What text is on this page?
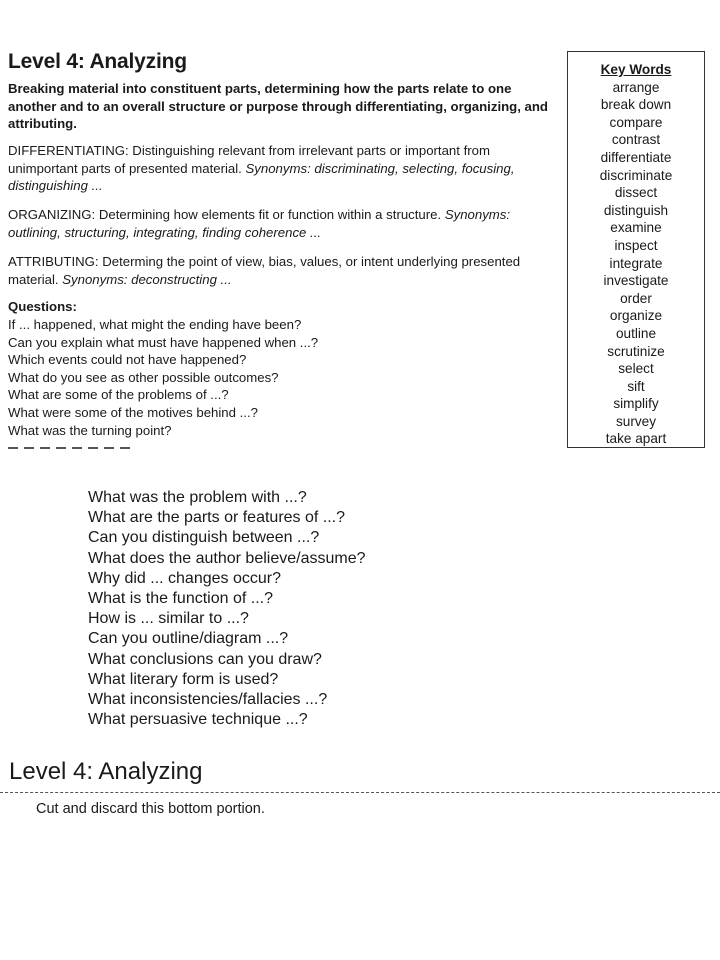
Level 4: Analyzing

Breaking material into constituent parts, determining how the parts relate to one another and to an overall structure or purpose through differentiating, organizing, and attributing.

DIFFERENTIATING: Distinguishing relevant from irrelevant parts or important from unimportant parts of presented material. Synonyms: discriminating, selecting, focusing, distinguishing ...

ORGANIZING: Determining how elements fit or function within a structure. Synonyms: outlining, structuring, integrating, finding coherence ...

ATTRIBUTING: Determing the point of view, bias, values, or intent underlying presented material. Synonyms: deconstructing ...

Questions:

If ... happened, what might the ending have been?
Can you explain what must have happened when ...?
Which events could not have happened?
What do you see as other possible outcomes?
What are some of the problems of ...?
What were some of the motives behind ...?
What was the turning point?
Key Words
arrange
break down
compare
contrast
differentiate
discriminate
dissect
distinguish
examine
inspect
integrate
investigate
order
organize
outline
scrutinize
select
sift
simplify
survey
take apart
What was the problem with ...?
What are the parts or features of ...?
Can you distinguish between ...?
What does the author believe/assume?
Why did ... changes occur?
What is the function of ...?
How is ... similar to ...?
Can you outline/diagram ...?
What conclusions can you draw?
What literary form is used?
What inconsistencies/fallacies ...?
What persuasive technique ...?
Level 4: Analyzing

Cut and discard this bottom portion.
